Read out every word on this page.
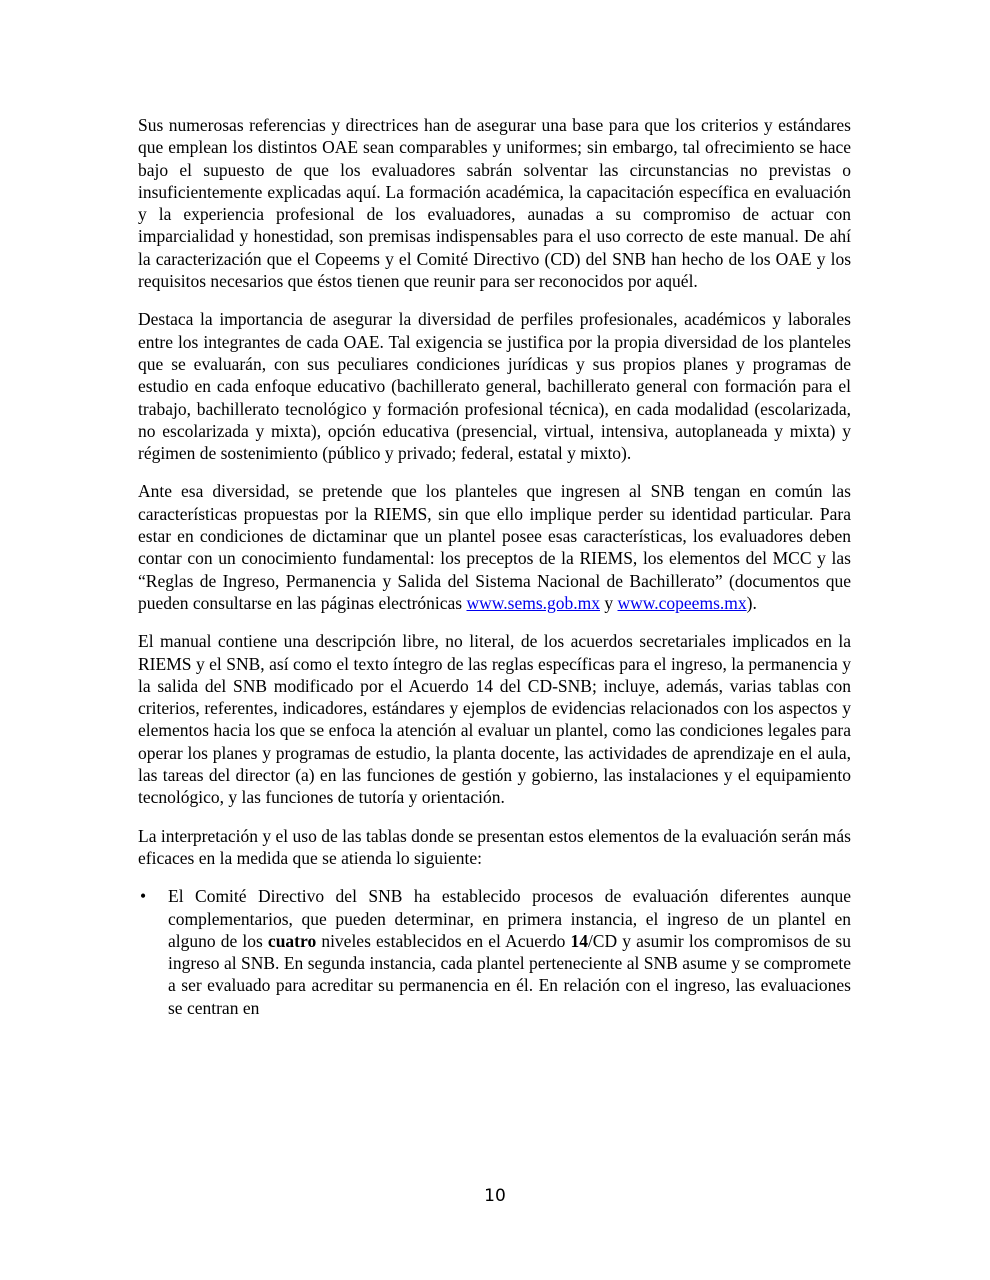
Sus numerosas referencias y directrices han de asegurar una base para que los criterios y estándares que emplean los distintos OAE sean comparables y uniformes; sin embargo, tal ofrecimiento se hace bajo el supuesto de que los evaluadores sabrán solventar las circunstancias no previstas o insuficientemente explicadas aquí. La formación académica, la capacitación específica en evaluación y la experiencia profesional de los evaluadores, aunadas a su compromiso de actuar con imparcialidad y honestidad, son premisas indispensables para el uso correcto de este manual. De ahí la caracterización que el Copeems y el Comité Directivo (CD) del SNB han hecho de los OAE y los requisitos necesarios que éstos tienen que reunir para ser reconocidos por aquél.

Destaca la importancia de asegurar la diversidad de perfiles profesionales, académicos y laborales entre los integrantes de cada OAE. Tal exigencia se justifica por la propia diversidad de los planteles que se evaluarán, con sus peculiares condiciones jurídicas y sus propios planes y programas de estudio en cada enfoque educativo (bachillerato general, bachillerato general con formación para el trabajo, bachillerato tecnológico y formación profesional técnica), en cada modalidad (escolarizada, no escolarizada y mixta), opción educativa (presencial, virtual, intensiva, autoplaneada y mixta) y régimen de sostenimiento (público y privado; federal, estatal y mixto).

Ante esa diversidad, se pretende que los planteles que ingresen al SNB tengan en común las características propuestas por la RIEMS, sin que ello implique perder su identidad particular. Para estar en condiciones de dictaminar que un plantel posee esas características, los evaluadores deben contar con un conocimiento fundamental: los preceptos de la RIEMS, los elementos del MCC y las “Reglas de Ingreso, Permanencia y Salida del Sistema Nacional de Bachillerato” (documentos que pueden consultarse en las páginas electrónicas www.sems.gob.mx y www.copeems.mx).

El manual contiene una descripción libre, no literal, de los acuerdos secretariales implicados en la RIEMS y el SNB, así como el texto íntegro de las reglas específicas para el ingreso, la permanencia y la salida del SNB modificado por el Acuerdo 14 del CD-SNB; incluye, además, varias tablas con criterios, referentes, indicadores, estándares y ejemplos de evidencias relacionados con los aspectos y elementos hacia los que se enfoca la atención al evaluar un plantel, como las condiciones legales para operar los planes y programas de estudio, la planta docente, las actividades de aprendizaje en el aula, las tareas del director (a) en las funciones de gestión y gobierno, las instalaciones y el equipamiento tecnológico, y las funciones de tutoría y orientación.

La interpretación y el uso de las tablas donde se presentan estos elementos de la evaluación serán más eficaces en la medida que se atienda lo siguiente:

• El Comité Directivo del SNB ha establecido procesos de evaluación diferentes aunque complementarios, que pueden determinar, en primera instancia, el ingreso de un plantel en alguno de los cuatro niveles establecidos en el Acuerdo 14/CD y asumir los compromisos de su ingreso al SNB. En segunda instancia, cada plantel perteneciente al SNB asume y se compromete a ser evaluado para acreditar su permanencia en él. En relación con el ingreso, las evaluaciones se centran en
10
